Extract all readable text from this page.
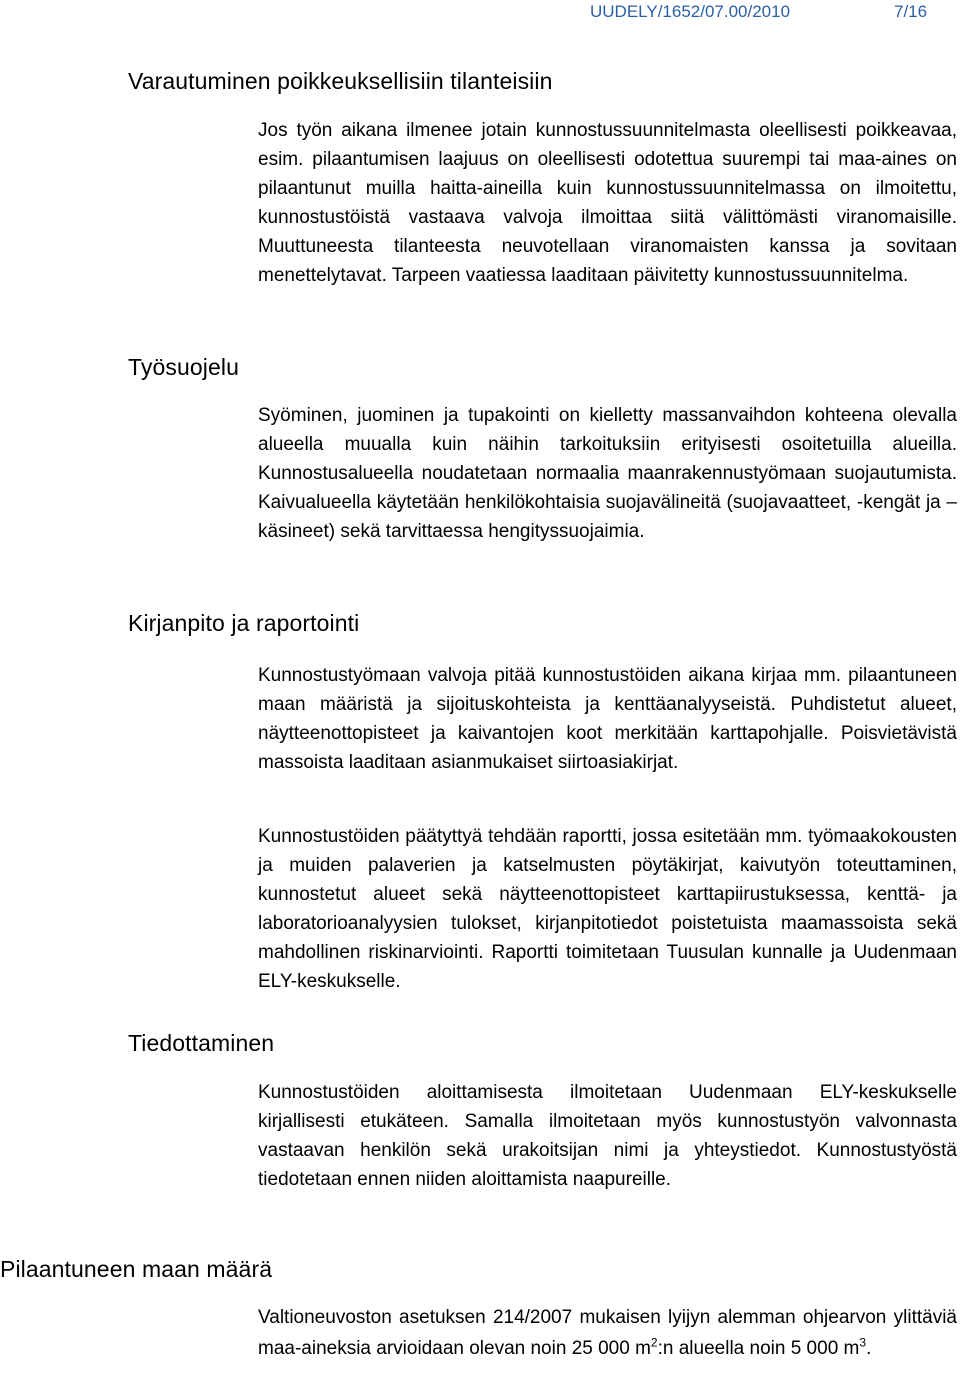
UUDELY/1652/07.00/2010	7/16
Varautuminen poikkeuksellisiin tilanteisiin

Jos työn aikana ilmenee jotain kunnostussuunnitelmasta oleellisesti poikkeavaa, esim. pilaantumisen laajuus on oleellisesti odotettua suurempi tai maa-aines on pilaantunut muilla haitta-aineilla kuin kunnostussuunnitelmassa on ilmoitettu, kunnostustöistä vastaava valvoja ilmoittaa siitä välittömästi viranomaisille. Muuttuneesta tilanteesta neuvotellaan viranomaisten kanssa ja sovitaan menettelytavat. Tarpeen vaatiessa laaditaan päivitetty kunnostussuunnitelma.

Työsuojelu

Syöminen, juominen ja tupakointi on kielletty massanvaihdon kohteena olevalla alueella muualla kuin näihin tarkoituksiin erityisesti osoitetuilla alueilla. Kunnostusalueella noudatetaan normaalia maanrakennustyömaan suojautumista. Kaivualueella käytetään henkilökohtaisia suojavälineitä (suojavaatteet, -kengät ja –käsineet) sekä tarvittaessa hengityssuojaimia.

Kirjanpito ja raportointi

Kunnostustyömaan valvoja pitää kunnostustöiden aikana kirjaa mm. pilaantuneen maan määristä ja sijoituskohteista ja kenttäanalyyseistä. Puhdistetut alueet, näytteenottopisteet ja kaivantojen koot merkitään karttapohjalle. Poisvietävistä massoista laaditaan asianmukaiset siirtoasiakirjat.

Kunnostustöiden päätyttyä tehdään raportti, jossa esitetään mm. työmaakokousten ja muiden palaverien ja katselmusten pöytäkirjat, kaivutyön toteuttaminen, kunnostetut alueet sekä näytteenottopisteet karttapiirustuksessa, kenttä- ja laboratorioanalyysien tulokset, kirjanpitotiedot poistetuista maamassoista sekä mahdollinen riskinarviointi. Raportti toimitetaan Tuusulan kunnalle ja Uudenmaan ELY-keskukselle.

Tiedottaminen

Kunnostustöiden aloittamisesta ilmoitetaan Uudenmaan ELY-keskukselle kirjallisesti etukäteen. Samalla ilmoitetaan myös kunnostustyön valvonnasta vastaavan henkilön sekä urakoitsijan nimi ja yhteystiedot. Kunnostustyöstä tiedotetaan ennen niiden aloittamista naapureille.

Pilaantuneen maan määrä

Valtioneuvoston asetuksen 214/2007 mukaisen lyijyn alemman ohjearvon ylittäviä maa-aineksia arvioidaan olevan noin 25 000 $m^2:n$ alueella noin 5 000 $m^3$.
